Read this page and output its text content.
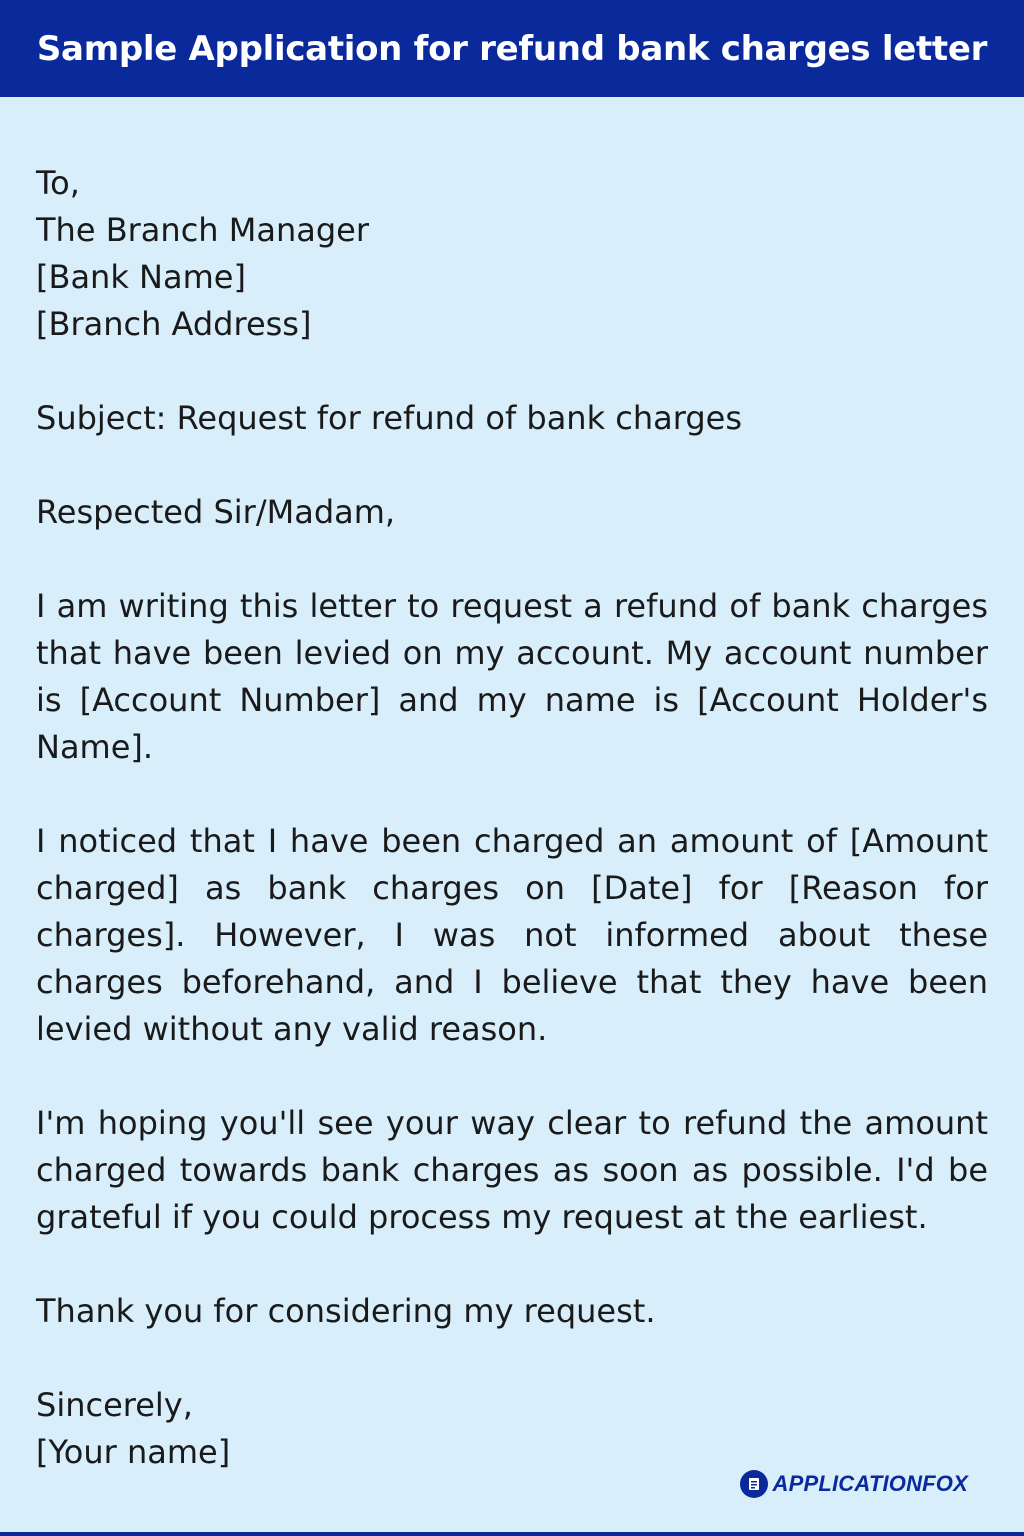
Sample Application for refund bank charges letter
To,
The Branch Manager
[Bank Name]
[Branch Address]
Subject: Request for refund of bank charges
Respected Sir/Madam,
I am writing this letter to request a refund of bank charges that have been levied on my account. My account number is [Account Number] and my name is [Account Holder's Name].
I noticed that I have been charged an amount of [Amount charged] as bank charges on [Date] for [Reason for charges]. However, I was not informed about these charges beforehand, and I believe that they have been levied without any valid reason.
I'm hoping you'll see your way clear to refund the amount charged towards bank charges as soon as possible. I'd be grateful if you could process my request at the earliest.
Thank you for considering my request.
Sincerely,
[Your name]
APPLICATIONFOX
